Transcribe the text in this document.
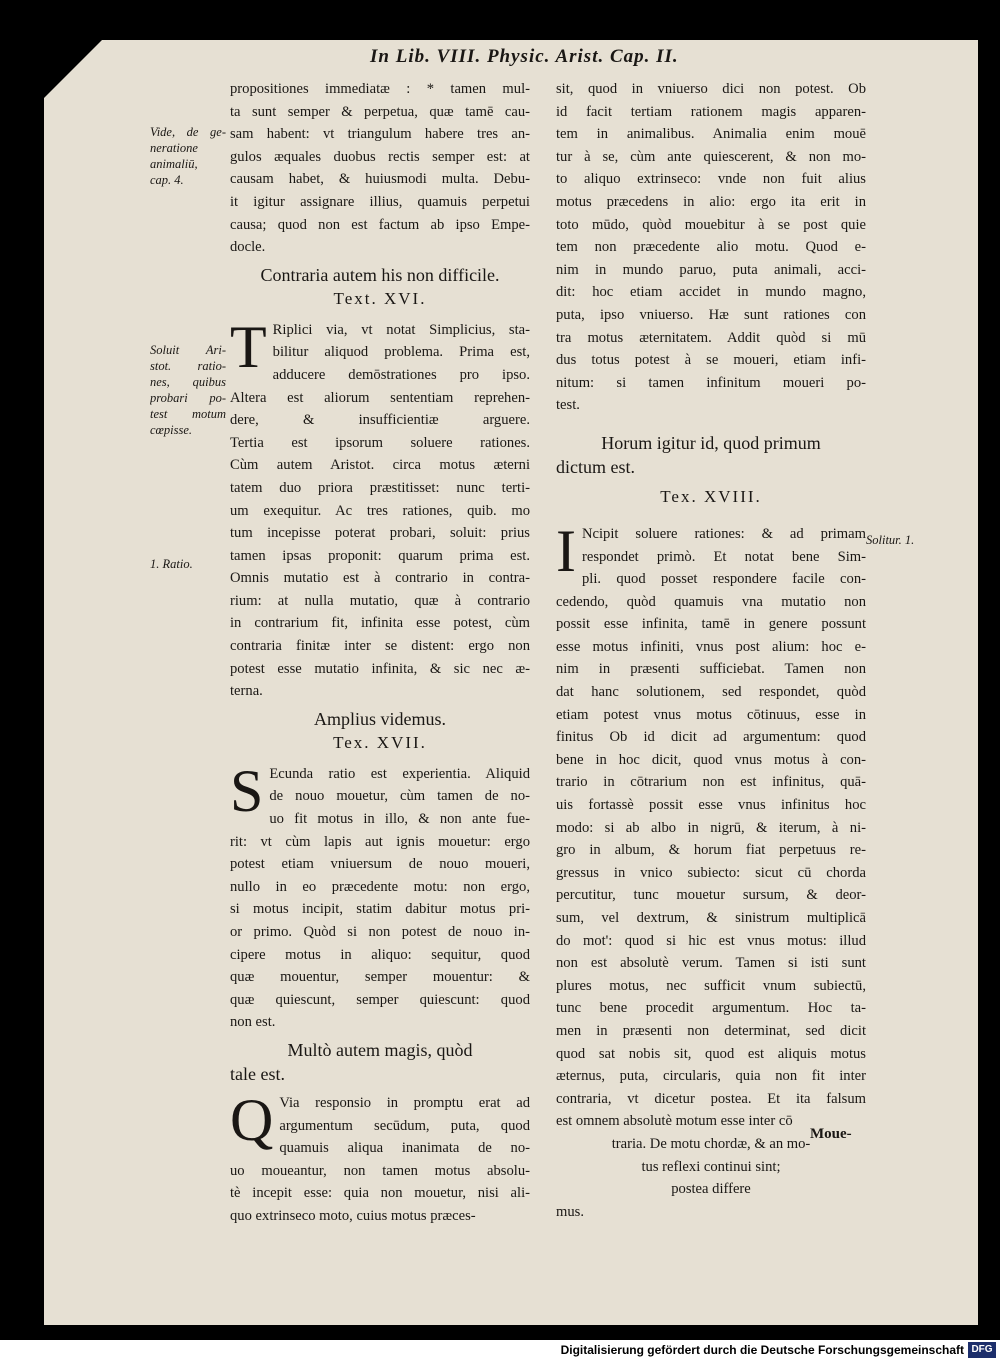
In Lib. VIII. Physic. Arist. Cap. II.
Vide, de ge-
neratione
animaliū,
cap. 4.
Soluit Ari-
stot. ratio-
nes, quibus
probari po-
test motum
cœpisse.
1. Ratio.
Solitur. 1.
propositiones immediatæ : * tamen mul-
ta sunt semper & perpetua, quæ tamē cau-
sam habent: vt triangulum habere tres an-
gulos æquales duobus rectis semper est: at
causam habet, & huiusmodi multa. Debu-
it igitur assignare illius, quamuis perpetui
causa; quod non est factum ab ipso Empe-
docle.
Contraria autem his non difficile.
Text. XVI.
T Riplici via, vt notat Simplicius, sta-
bilitur aliquod problema. Prima est,
adducere demōstrationes pro ipso.
Altera est aliorum sententiam reprehen-
dere, & insufficientiæ arguere.
Tertia est ipsorum soluere rationes.
Cùm autem Aristot. circa motus æterni
tatem duo priora præstitisset: nunc terti-
um exequitur. Ac tres rationes, quib. mo
tum incepisse poterat probari, soluit: prius
tamen ipsas proponit: quarum prima est.
Omnis mutatio est à contrario in contra-
rium: at nulla mutatio, quæ à contrario
in contrarium fit, infinita esse potest, cùm
contraria finitæ inter se distent: ergo non
potest esse mutatio infinita, & sic nec æ-
terna.
Amplius videmus.
Tex. XVII.
S Ecunda ratio est experientia. Aliquid
de nouo mouetur, cùm tamen de no-
uo fit motus in illo, & non ante fue-
rit: vt cùm lapis aut ignis mouetur: ergo
potest etiam vniuersum de nouo moueri,
nullo in eo præcedente motu: non ergo,
si motus incipit, statim dabitur motus pri-
or primo. Quòd si non potest de nouo in-
cipere motus in aliquo: sequitur, quod
quæ mouentur, semper mouentur: &
quæ quiescunt, semper quiescunt: quod
non est.
Multò autem magis, quòd
tale est.
Q Via responsio in promptu erat ad
argumentum secūdum, puta, quod
quamuis aliqua inanimata de no-
uo moueantur, non tamen motus absolu-
tè incepit esse: quia non mouetur, nisi ali-
quo extrinseco moto, cuius motus præces-
sit, quod in vniuerso dici non potest. Ob
id facit tertiam rationem magis apparen-
tem in animalibus. Animalia enim mouē
tur à se, cùm ante quiescerent, & non mo-
to aliquo extrinseco: vnde non fuit alius
motus præcedens in alio: ergo ita erit in
toto mūdo, quòd mouebitur à se post quie
tem non præcedente alio motu. Quod e-
nim in mundo paruo, puta animali, acci-
dit: hoc etiam accidet in mundo magno,
puta, ipso vniuerso. Hæ sunt rationes con
tra motus æternitatem. Addit quòd si mū
dus totus potest à se moueri, etiam infi-
nitum: si tamen infinitum moueri po-
test.
Horum igitur id, quod primum
dictum est.
Tex. XVIII.
I Ncipit soluere rationes: & ad primam
respondet primò. Et notat bene Sim-
pli. quod posset respondere facile con-
cedendo, quòd quamuis vna mutatio non
possit esse infinita, tamē in genere possunt
esse motus infiniti, vnus post alium: hoc e-
nim in præsenti sufficiebat. Tamen non
dat hanc solutionem, sed respondet, quòd
etiam potest vnus motus cōtinuus, esse in
finitus Ob id dicit ad argumentum: quod
bene in hoc dicit, quod vnus motus à con-
trario in cōtrarium non est infinitus, quā-
uis fortassè possit esse vnus infinitus hoc
modo: si ab albo in nigrū, & iterum, à ni-
gro in album, & horum fiat perpetuus re-
gressus in vnico subiecto: sicut cū chorda
percutitur, tunc mouetur sursum, & deor-
sum, vel dextrum, & sinistrum multiplicā
do mot': quod si hic est vnus motus: illud
non est absolutè verum. Tamen si isti sunt
plures motus, nec sufficit vnum subiectū,
tunc bene procedit argumentum. Hoc ta-
men in præsenti non determinat, sed dicit
quod sat nobis sit, quod est aliquis motus
æternus, puta, circularis, quia non fit inter
contraria, vt dicetur postea. Et ita falsum
est omnem absolutè motum esse inter cō
traria. De motu chordæ, & an mo-
tus reflexi continui sint;
postea differe
mus.
Moue-
Digitalisierung gefördert durch die Deutsche Forschungsgemeinschaft DFG
